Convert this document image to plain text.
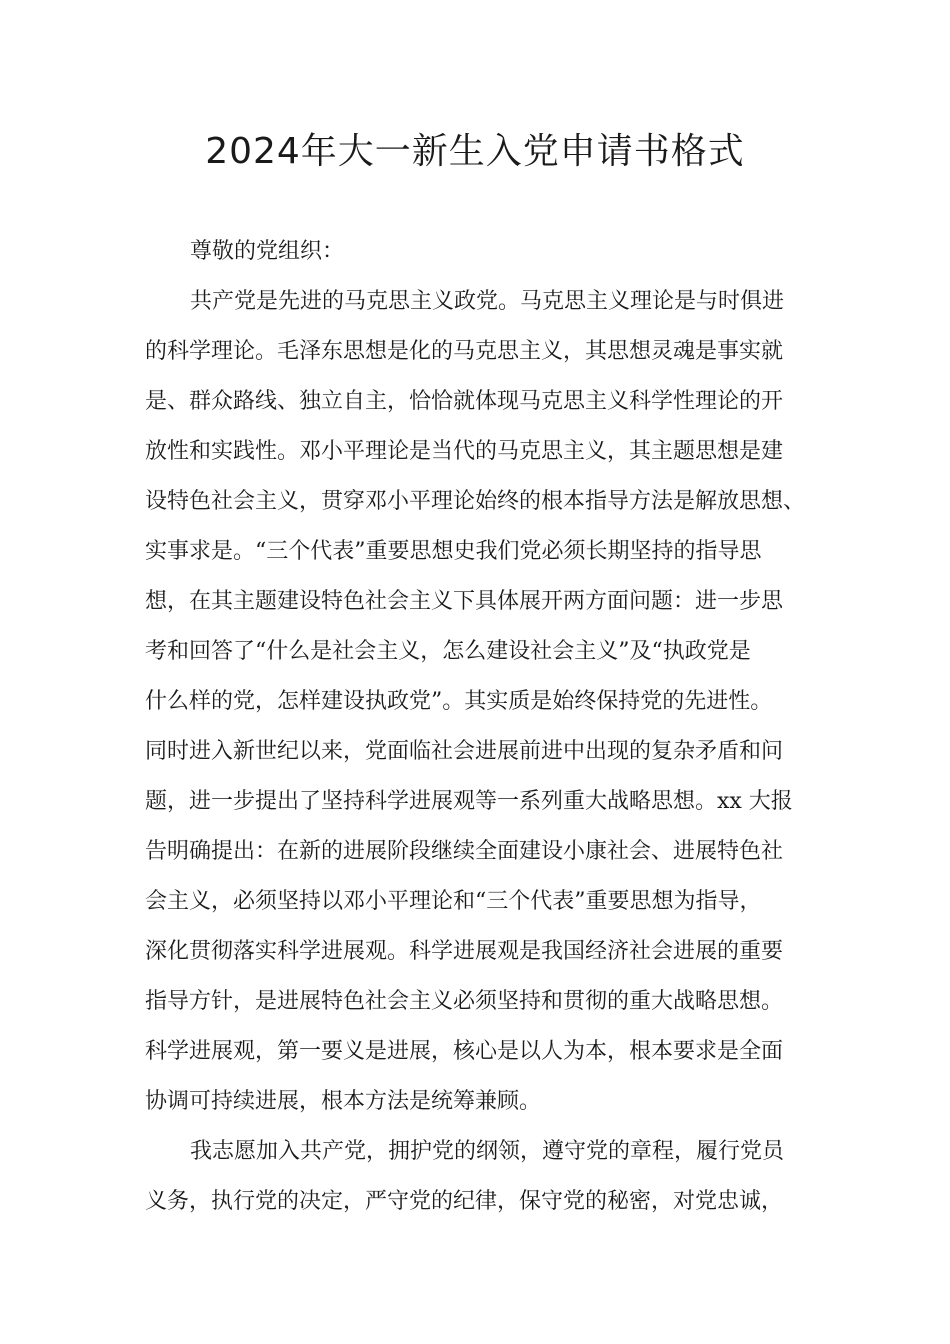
2024年大一新生入党申请书格式

尊敬的党组织：

共产党是先进的马克思主义政党。马克思主义理论是与时俱进

的科学理论。毛泽东思想是化的马克思主义，其思想灵魂是事实就

是、群众路线、独立自主，恰恰就体现马克思主义科学性理论的开

放性和实践性。邓小平理论是当代的马克思主义，其主题思想是建

设特色社会主义，贯穿邓小平理论始终的根本指导方法是解放思想、

实事求是。“三个代表”重要思想史我们党必须长期坚持的指导思

想，在其主题建设特色社会主义下具体展开两方面问题：进一步思

考和回答了“什么是社会主义，怎么建设社会主义”及“执政党是

什么样的党，怎样建设执政党”。其实质是始终保持党的先进性。

同时进入新世纪以来，党面临社会进展前进中出现的复杂矛盾和问

题，进一步提出了坚持科学进展观等一系列重大战略思想。xx 大报

告明确提出：在新的进展阶段继续全面建设小康社会、进展特色社

会主义，必须坚持以邓小平理论和“三个代表”重要思想为指导，

深化贯彻落实科学进展观。科学进展观是我国经济社会进展的重要

指导方针，是进展特色社会主义必须坚持和贯彻的重大战略思想。

科学进展观，第一要义是进展，核心是以人为本，根本要求是全面

协调可持续进展，根本方法是统筹兼顾。

我志愿加入共产党，拥护党的纲领，遵守党的章程，履行党员

义务，执行党的决定，严守党的纪律，保守党的秘密，对党忠诚，
